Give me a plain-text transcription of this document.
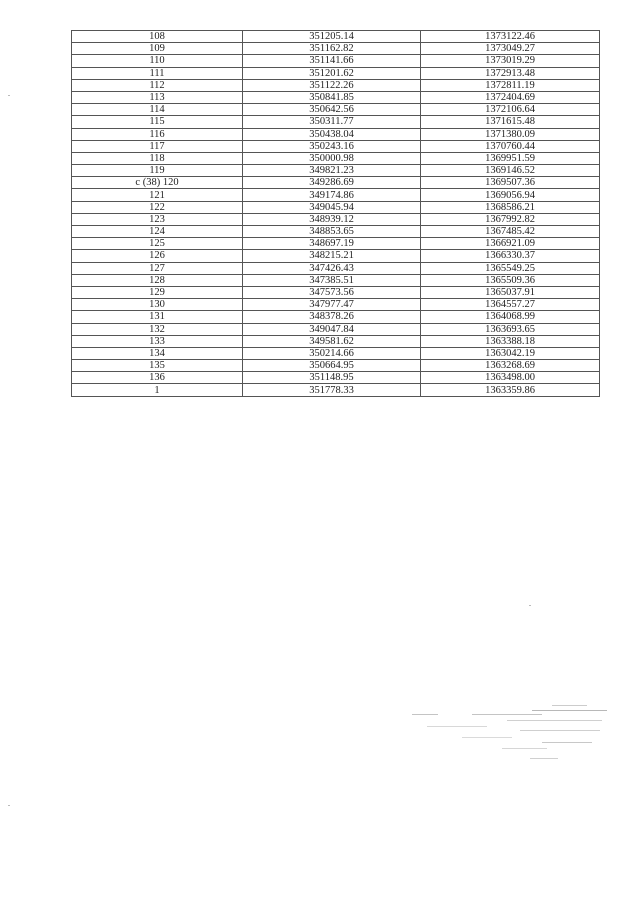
108	351205.14	1373122.46
109	351162.82	1373049.27
110	351141.66	1373019.29
111	351201.62	1372913.48
112	351122.26	1372811.19
113	350841.85	1372404.69
114	350642.56	1372106.64
115	350311.77	1371615.48
116	350438.04	1371380.09
117	350243.16	1370760.44
118	350000.98	1369951.59
119	349821.23	1369146.52
c (38) 120	349286.69	1369507.36
121	349174.86	1369056.94
122	349045.94	1368586.21
123	348939.12	1367992.82
124	348853.65	1367485.42
125	348697.19	1366921.09
126	348215.21	1366330.37
127	347426.43	1365549.25
128	347385.51	1365509.36
129	347573.56	1365037.91
130	347977.47	1364557.27
131	348378.26	1364068.99
132	349047.84	1363693.65
133	349581.62	1363388.18
134	350214.66	1363042.19
135	350664.95	1363268.69
136	351148.95	1363498.00
1	351778.33	1363359.86
